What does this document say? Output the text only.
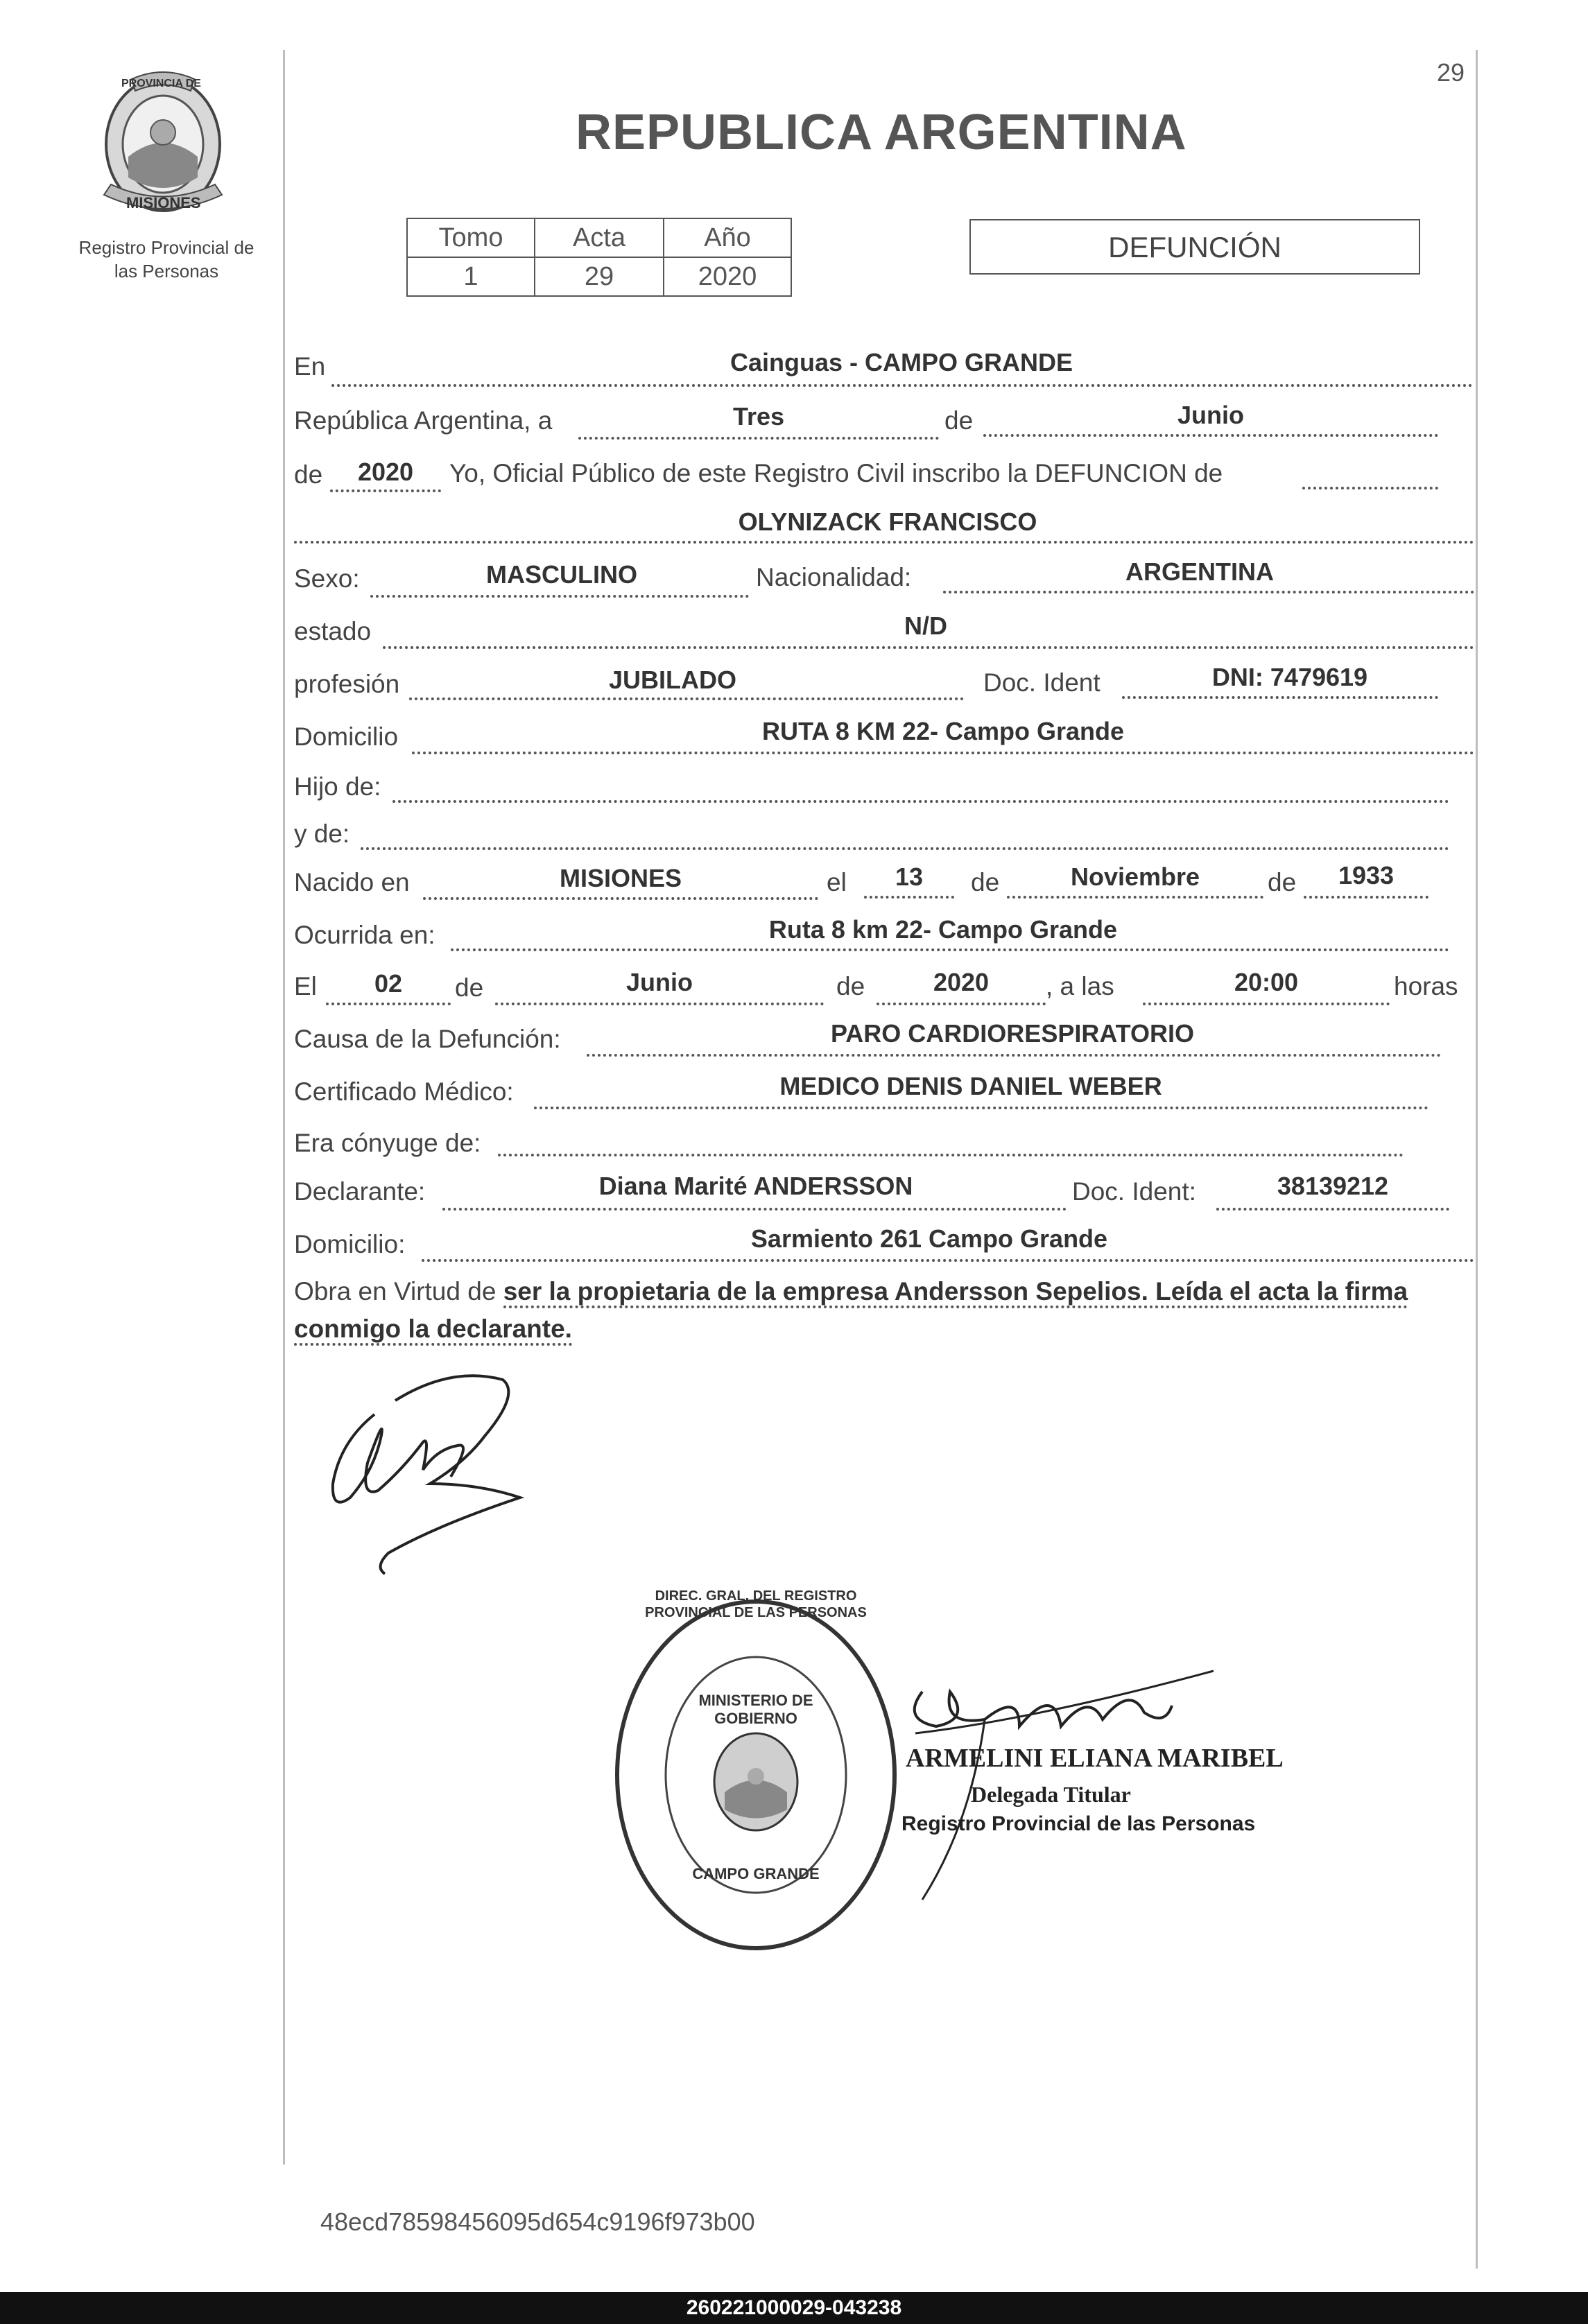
PROVINCIA DE
MISIONES
Registro Provincial de
las Personas
29
REPUBLICA ARGENTINA
Tomo	Acta	Año
1	29	2020
DEFUNCIÓN
En	Cainguas - CAMPO GRANDE
República Argentina, a	Tres	de	Junio
de	2020	Yo, Oficial Público de este Registro Civil inscribo la DEFUNCION de
OLYNIZACK FRANCISCO
Sexo:	MASCULINO	Nacionalidad:	ARGENTINA
estado	N/D
profesión	JUBILADO	Doc. Ident	DNI: 7479619
Domicilio	RUTA 8 KM 22- Campo Grande
Hijo de:
y de:
Nacido en	MISIONES	el	13	de	Noviembre	de	1933
Ocurrida en:	Ruta 8 km 22- Campo Grande
El	02	de	Junio	de	2020	, a las	20:00	horas
Causa de la Defunción:	PARO CARDIORESPIRATORIO
Certificado Médico:	MEDICO DENIS DANIEL WEBER
Era cónyuge de:
Declarante:	Diana Marité ANDERSSON	Doc. Ident:	38139212
Domicilio:	Sarmiento 261 Campo Grande
Obra en Virtud de ser la propietaria de la empresa Andersson Sepelios. Leída el acta la firma conmigo la declarante.
DIREC. GRAL. DEL REGISTRO PROVINCIAL DE LAS PERSONAS
MINISTERIO DE GOBIERNO
CAMPO GRANDE
ARMELINI ELIANA MARIBEL
Delegada Titular
Registro Provincial de las Personas
48ecd78598456095d654c9196f973b00
260221000029-043238
